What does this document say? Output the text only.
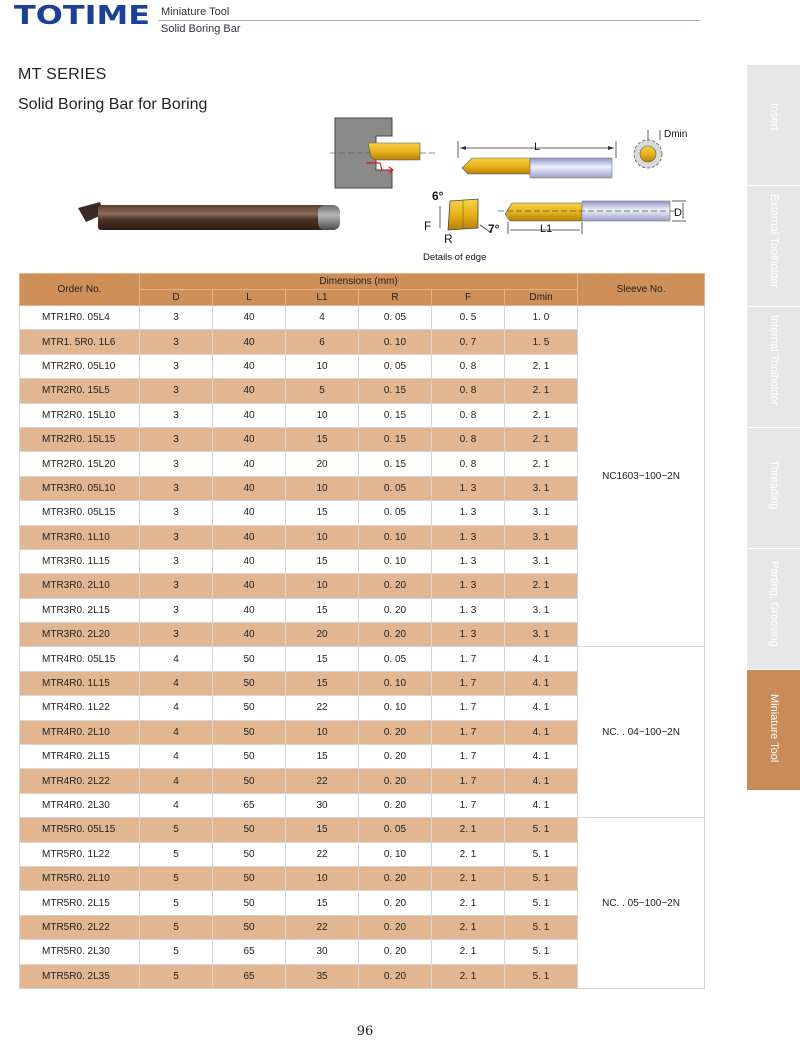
TOTIME Miniature Tool
Solid Boring Bar
MT SERIES
Solid Boring Bar for Boring
L
Dmin
6°
F
R
7°	L1
D
Details of edge
Order No.	Dimensions (mm)						Sleeve No.
	D	L	L1	R	F	Dmin	
MTR1R0. 05L4	3	40	4	0. 05	0. 5	1. 0	NC1603−100−2N
MTR1. 5R0. 1L6	3	40	6	0. 10	0. 7	1. 5	
MTR2R0. 05L10	3	40	10	0. 05	0. 8	2. 1	
MTR2R0. 15L5	3	40	5	0. 15	0. 8	2. 1	
MTR2R0. 15L10	3	40	10	0. 15	0. 8	2. 1	
MTR2R0. 15L15	3	40	15	0. 15	0. 8	2. 1	
MTR2R0. 15L20	3	40	20	0. 15	0. 8	2. 1	
MTR3R0. 05L10	3	40	10	0. 05	1. 3	3. 1	
MTR3R0. 05L15	3	40	15	0. 05	1. 3	3. 1	
MTR3R0. 1L10	3	40	10	0. 10	1. 3	3. 1	
MTR3R0. 1L15	3	40	15	0. 10	1. 3	3. 1	
MTR3R0. 2L10	3	40	10	0. 20	1. 3	2. 1	
MTR3R0. 2L15	3	40	15	0. 20	1. 3	3. 1	
MTR3R0. 2L20	3	40	20	0. 20	1. 3	3. 1	
MTR4R0. 05L15	4	50	15	0. 05	1. 7	4. 1	NC. . 04−100−2N
MTR4R0. 1L15	4	50	15	0. 10	1. 7	4. 1	
MTR4R0. 1L22	4	50	22	0. 10	1. 7	4. 1	
MTR4R0. 2L10	4	50	10	0. 20	1. 7	4. 1	
MTR4R0. 2L15	4	50	15	0. 20	1. 7	4. 1	
MTR4R0. 2L22	4	50	22	0. 20	1. 7	4. 1	
MTR4R0. 2L30	4	65	30	0. 20	1. 7	4. 1	
MTR5R0. 05L15	5	50	15	0. 05	2. 1	5. 1	NC. . 05−100−2N
MTR5R0. 1L22	5	50	22	0. 10	2. 1	5. 1	
MTR5R0. 2L10	5	50	10	0. 20	2. 1	5. 1	
MTR5R0. 2L15	5	50	15	0. 20	2. 1	5. 1	
MTR5R0. 2L22	5	50	22	0. 20	2. 1	5. 1	
MTR5R0. 2L30	5	65	30	0. 20	2. 1	5. 1	
MTR5R0. 2L35	5	65	35	0. 20	2. 1	5. 1	
Insert
External Toolholder
Internal Toolholder
Threading
Parting, Grooving
Miniature Tool
96
